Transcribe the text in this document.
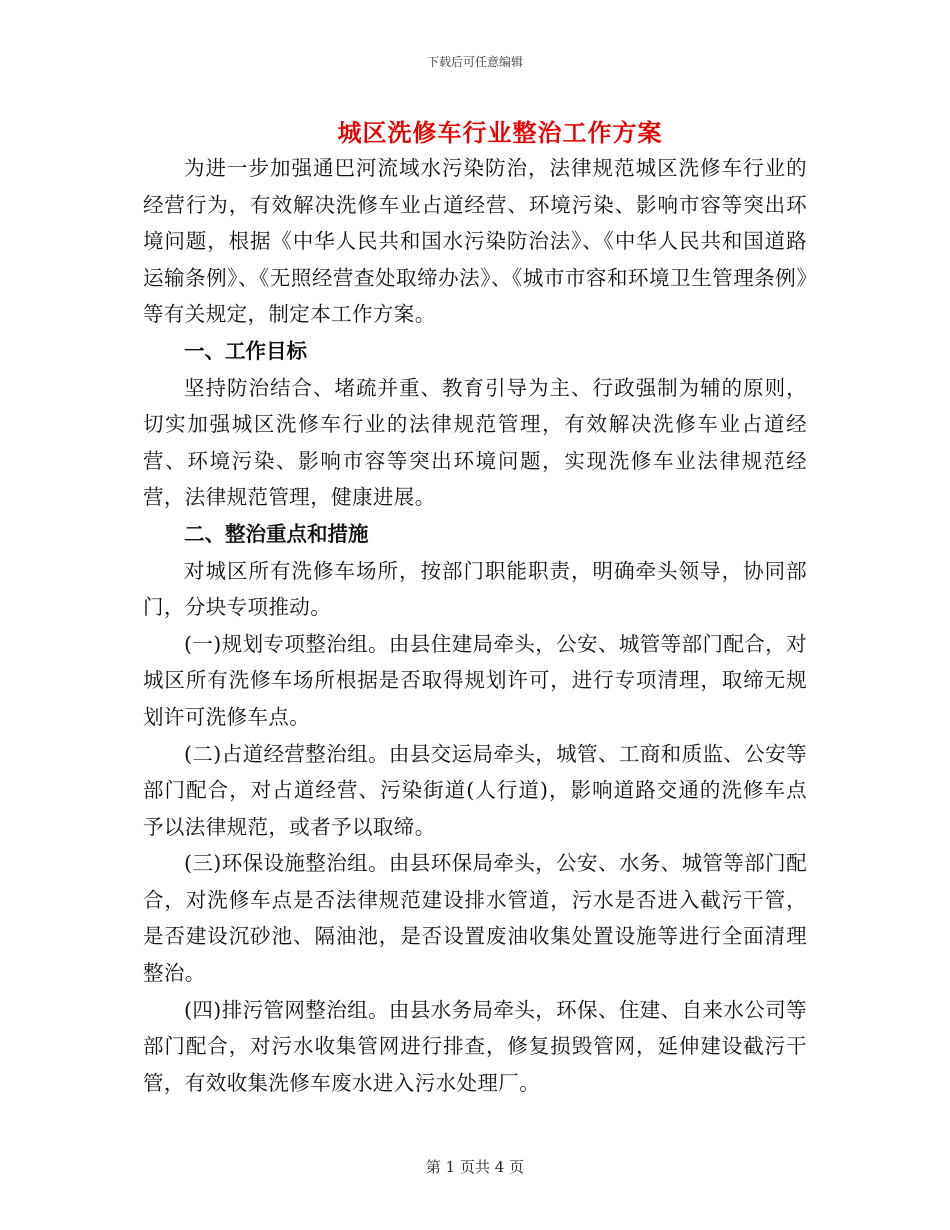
下载后可任意编辑
城区洗修车行业整治工作方案

为进一步加强通巴河流域水污染防治，法律规范城区洗修车行业的经营行为，有效解决洗修车业占道经营、环境污染、影响市容等突出环境问题，根据《中华人民共和国水污染防治法》、《中华人民共和国道路运输条例》、《无照经营查处取缔办法》、《城市市容和环境卫生管理条例》等有关规定，制定本工作方案。

一、工作目标

坚持防治结合、堵疏并重、教育引导为主、行政强制为辅的原则，切实加强城区洗修车行业的法律规范管理，有效解决洗修车业占道经营、环境污染、影响市容等突出环境问题，实现洗修车业法律规范经营，法律规范管理，健康进展。

二、整治重点和措施

对城区所有洗修车场所，按部门职能职责，明确牵头领导，协同部门，分块专项推动。

(一)规划专项整治组。由县住建局牵头，公安、城管等部门配合，对城区所有洗修车场所根据是否取得规划许可，进行专项清理，取缔无规划许可洗修车点。

(二)占道经营整治组。由县交运局牵头，城管、工商和质监、公安等部门配合，对占道经营、污染街道(人行道)，影响道路交通的洗修车点予以法律规范，或者予以取缔。

(三)环保设施整治组。由县环保局牵头，公安、水务、城管等部门配合，对洗修车点是否法律规范建设排水管道，污水是否进入截污干管，是否建设沉砂池、隔油池，是否设置废油收集处置设施等进行全面清理整治。

(四)排污管网整治组。由县水务局牵头，环保、住建、自来水公司等部门配合，对污水收集管网进行排查，修复损毁管网，延伸建设截污干管，有效收集洗修车废水进入污水处理厂。

第 1 页共 4 页
